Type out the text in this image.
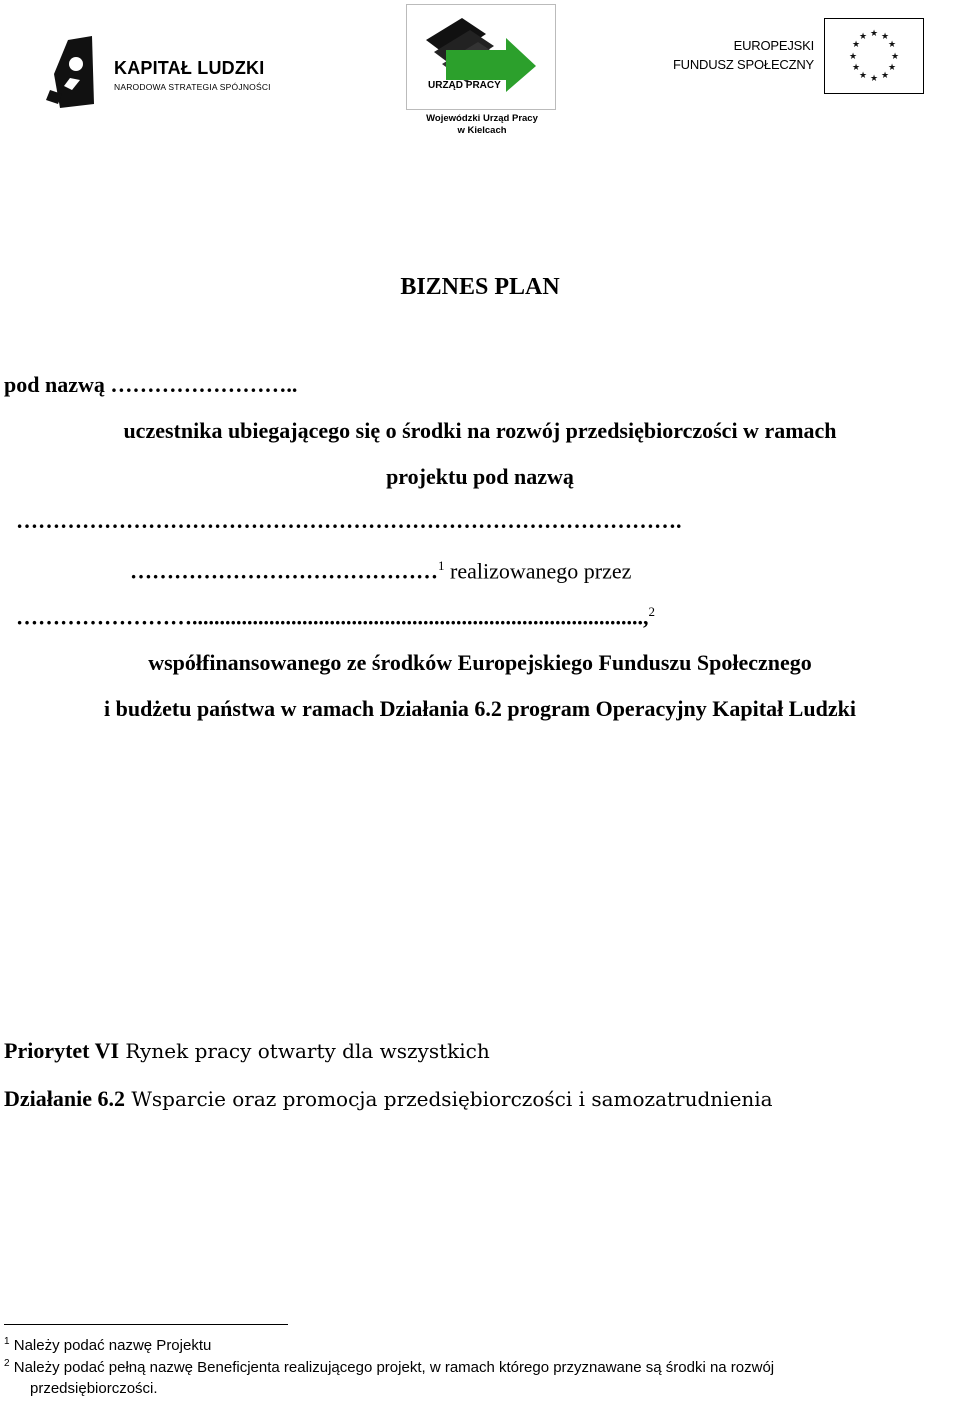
KAPITAŁ LUDZKI
NARODOWA STRATEGIA SPÓJNOŚCI	URZĄD PRACY
Wojewódzki Urząd Pracy
w Kielcach
EUROPEJSKI
FUNDUSZ SPOŁECZNY
★ ★
★
★
★
★
★
★
★
★
★
★
BIZNES PLAN
pod nazwą ……………………..
uczestnika ubiegającego się o środki na rozwój przedsiębiorczości w ramach
projektu pod nazwą
……………………………………………………………………………….
……………………………………$^1$ realizowanego przez
……………………..................................................................................,$^2$
współfinansowanego ze środków Europejskiego Funduszu Społecznego
i budżetu państwa w ramach Działania 6.2 program Operacyjny Kapitał Ludzki
Priorytet VI Rynek pracy otwarty dla wszystkich
Działanie 6.2 Wsparcie oraz promocja przedsiębiorczości i samozatrudnienia
$^1$ Należy podać nazwę Projektu
$^2$ Należy podać pełną nazwę Beneficjenta realizującego projekt, w ramach którego przyznawane są środki na rozwój
przedsiębiorczości.
